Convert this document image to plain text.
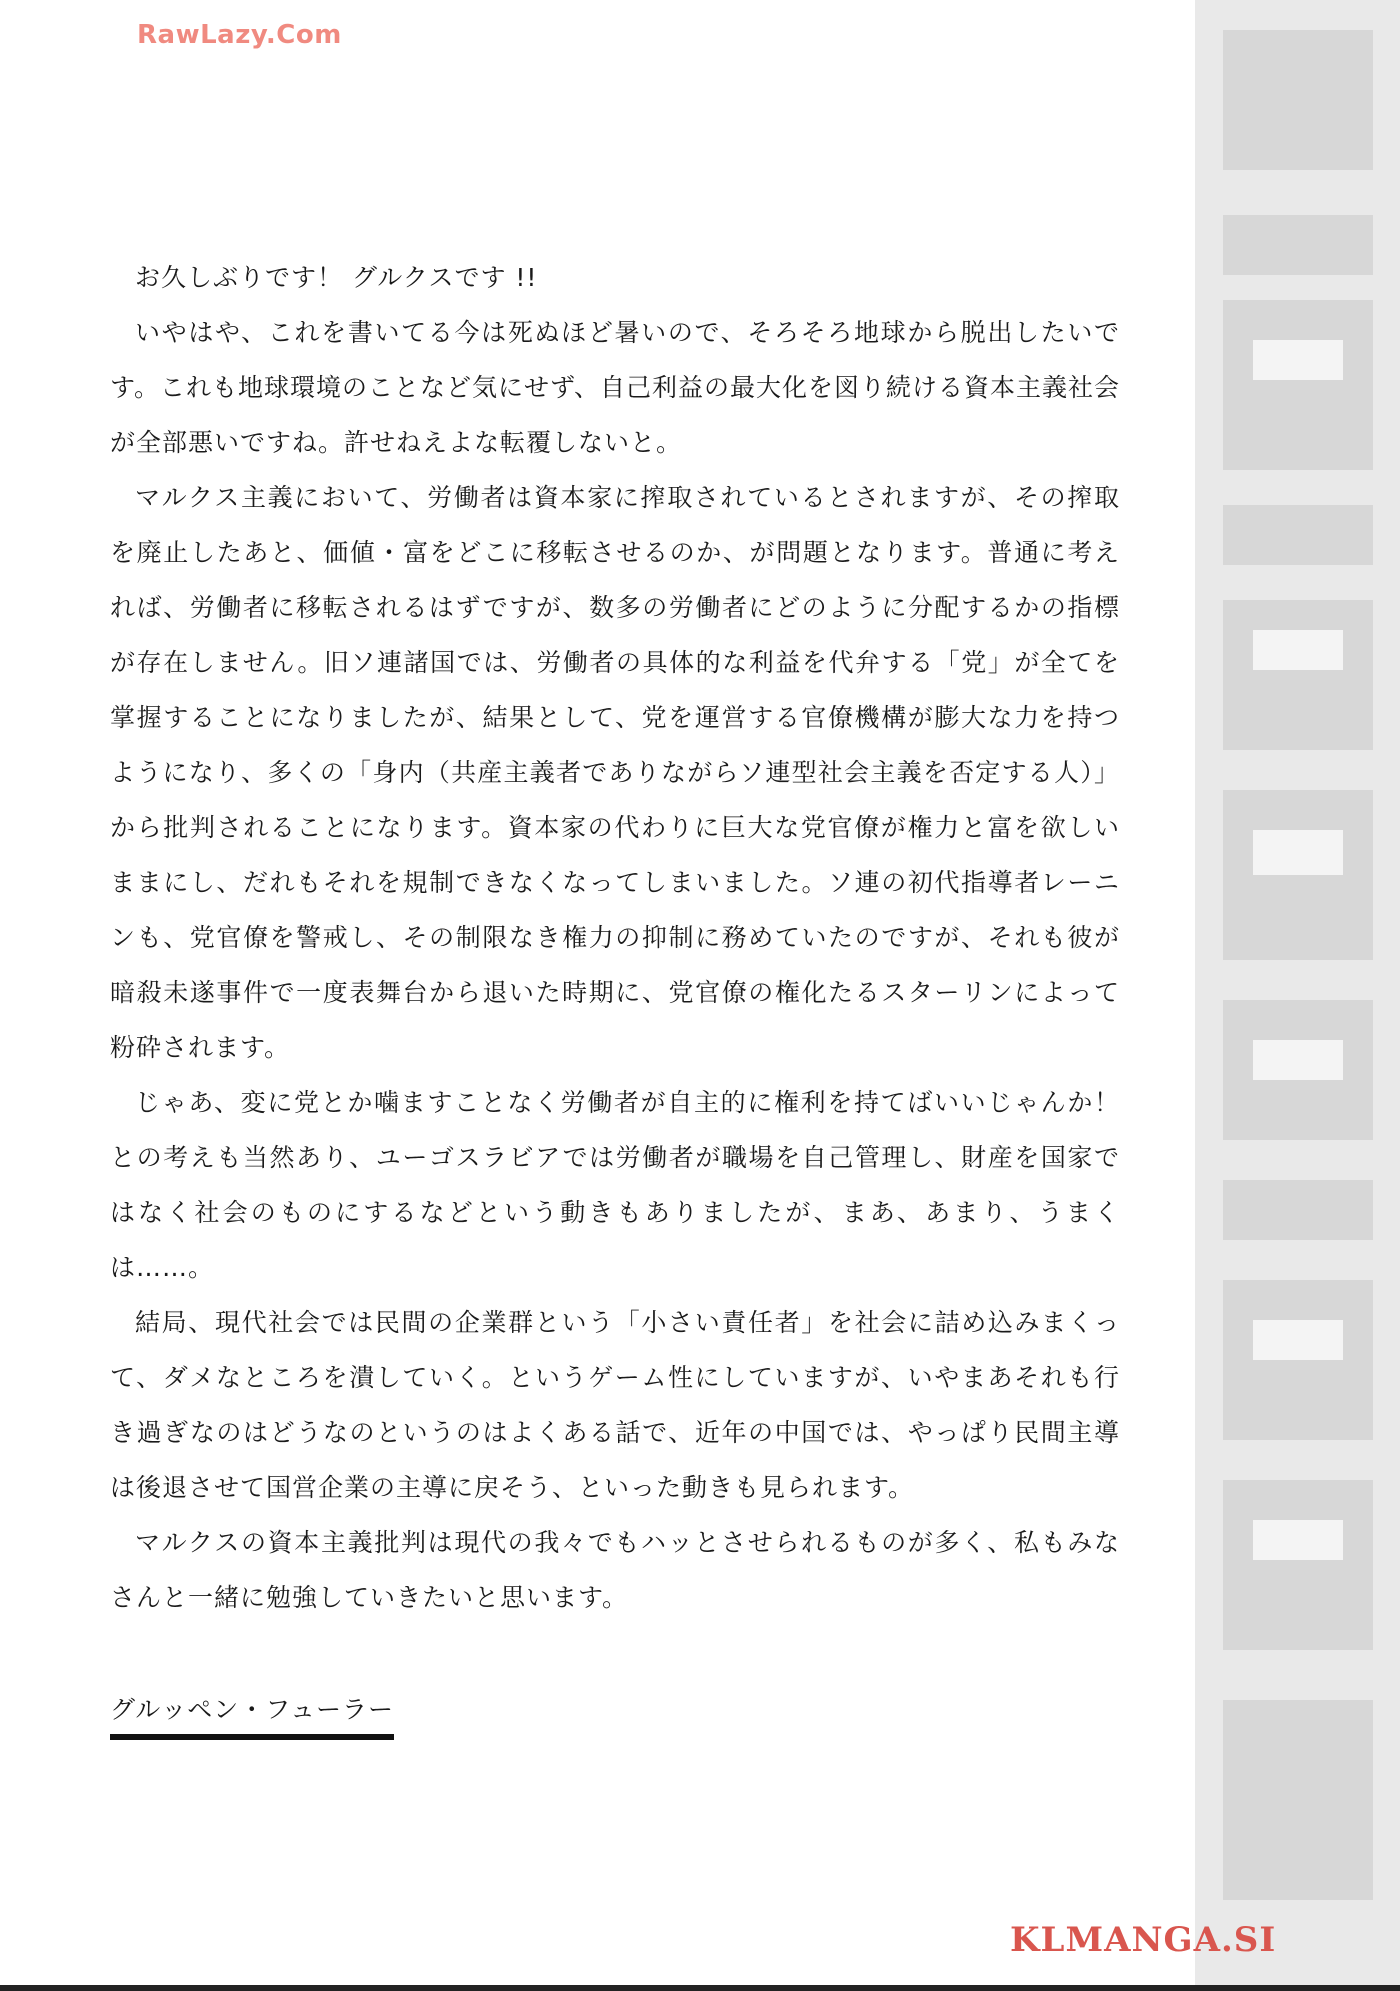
RawLazy.Com

お久しぶりです！ グルクスです !!

いやはや、これを書いてる今は死ぬほど暑いので、そろそろ地球から脱出したいです。これも地球環境のことなど気にせず、自己利益の最大化を図り続ける資本主義社会が全部悪いですね。許せねえよな転覆しないと。

マルクス主義において、労働者は資本家に搾取されているとされますが、その搾取を廃止したあと、価値・富をどこに移転させるのか、が問題となります。普通に考えれば、労働者に移転されるはずですが、数多の労働者にどのように分配するかの指標が存在しません。旧ソ連諸国では、労働者の具体的な利益を代弁する「党」が全てを掌握することになりましたが、結果として、党を運営する官僚機構が膨大な力を持つようになり、多くの「身内（共産主義者でありながらソ連型社会主義を否定する人）」から批判されることになります。資本家の代わりに巨大な党官僚が権力と富を欲しいままにし、だれもそれを規制できなくなってしまいました。ソ連の初代指導者レーニンも、党官僚を警戒し、その制限なき権力の抑制に務めていたのですが、それも彼が暗殺未遂事件で一度表舞台から退いた時期に、党官僚の権化たるスターリンによって粉砕されます。

じゃあ、変に党とか噛ますことなく労働者が自主的に権利を持てばいいじゃんか！ との考えも当然あり、ユーゴスラビアでは労働者が職場を自己管理し、財産を国家ではなく社会のものにするなどという動きもありましたが、まあ、あまり、うまくは……。

結局、現代社会では民間の企業群という「小さい責任者」を社会に詰め込みまくって、ダメなところを潰していく。というゲーム性にしていますが、いやまあそれも行き過ぎなのはどうなのというのはよくある話で、近年の中国では、やっぱり民間主導は後退させて国営企業の主導に戻そう、といった動きも見られます。

マルクスの資本主義批判は現代の我々でもハッとさせられるものが多く、私もみなさんと一緒に勉強していきたいと思います。

グルッペン・フューラー
KLMANGA.SI
